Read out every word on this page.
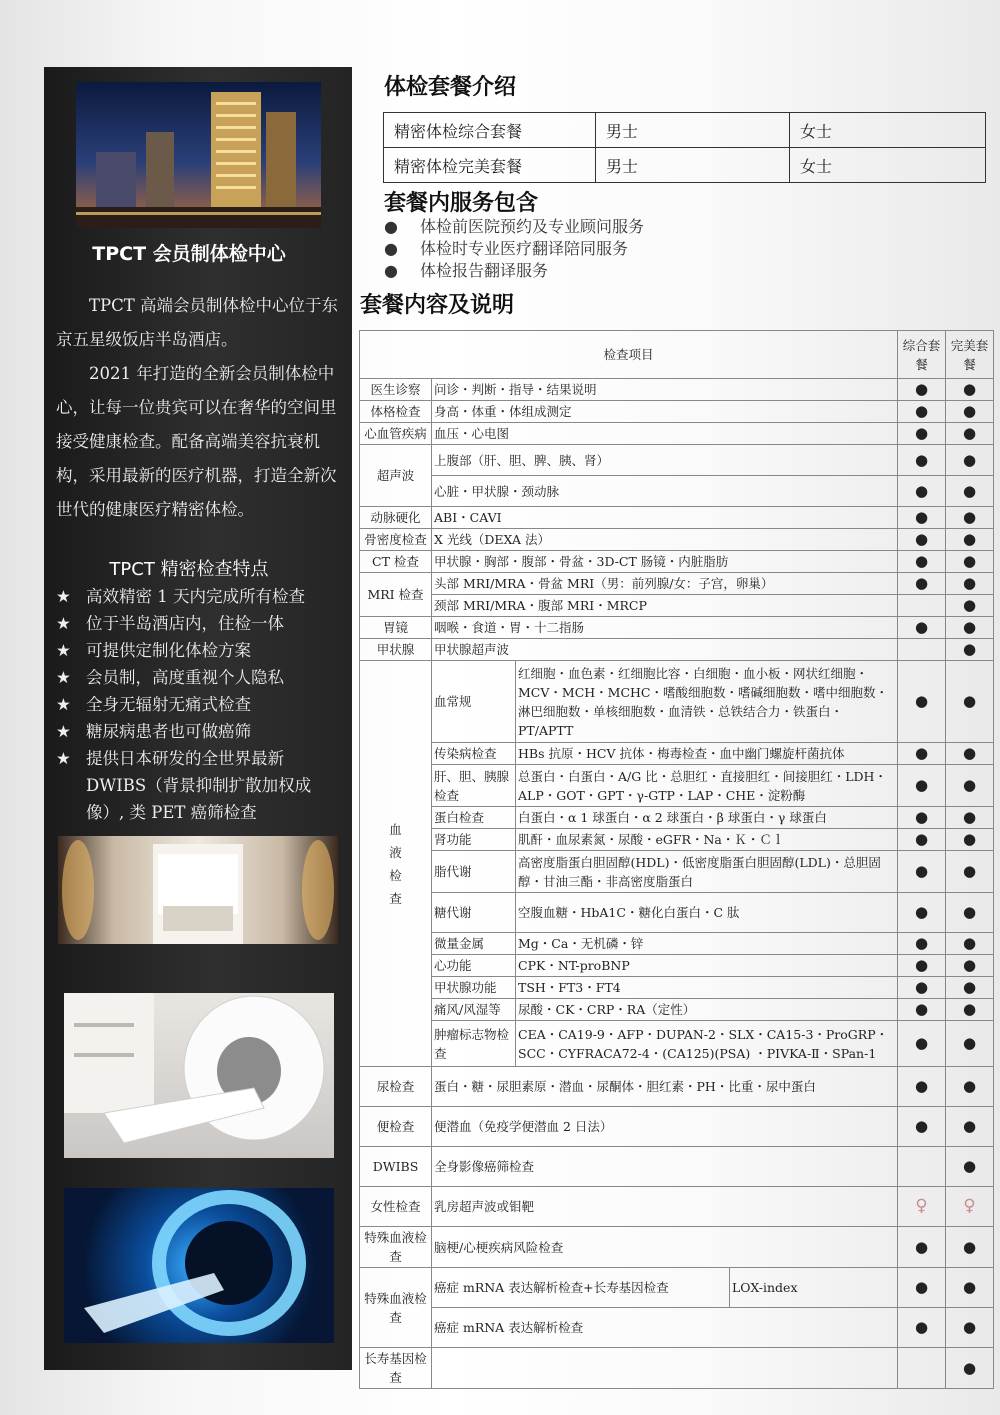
TPCT 会员制体检中心

TPCT 高端会员制体检中心位于东京五星级饭店半岛酒店。

2021 年打造的全新会员制体检中心，让每一位贵宾可以在奢华的空间里接受健康检查。配备高端美容抗衰机构，采用最新的医疗机器，打造全新次世代的健康医疗精密体检。

TPCT 精密检查特点
★ 高效精密 1 天内完成所有检查
★ 位于半岛酒店内，住检一体
★ 可提供定制化体检方案
★ 会员制，高度重视个人隐私
★ 全身无辐射无痛式检查
★ 糖尿病患者也可做癌筛
★ 提供日本研发的全世界最新 DWIBS（背景抑制扩散加权成像）, 类 PET 癌筛检查
体检套餐介绍
精密体检综合套餐	男士	女士
精密体检完美套餐	男士	女士
套餐内服务包含
●	体检前医院预约及专业顾问服务
●	体检时专业医疗翻译陪同服务
●	体检报告翻译服务
套餐内容及说明
检查项目				综合套餐	完美套餐
医生诊察	问诊・判断・指导・结果说明			●	●
体格检查	身高・体重・体组成测定			●	●
心血管疾病	血压・心电图			●	●
超声波	上腹部（肝、胆、脾、胰、肾）			●	●
	心脏・甲状腺・颈动脉			●	●
动脉硬化	ABI・CAVI			●	●
骨密度检查	X 光线（DEXA 法）			●	●
CT 检查	甲状腺・胸部・腹部・骨盆・3D-CT 肠镜・内脏脂肪			●	●
MRI 检查	头部 MRI/MRA・骨盆 MRI（男：前列腺/女：子宫，卵巢）			●	●
	颈部 MRI/MRA・腹部 MRI・MRCP				●
胃镜	咽喉・食道・胃・十二指肠			●	●
甲状腺	甲状腺超声波				●
血液检查	血常规	红细胞・血色素・红细胞比容・白细胞・血小板・网状红细胞・MCV・MCH・MCHC・嗜酸细胞数・嗜碱细胞数・嗜中细胞数・淋巴细胞数・单核细胞数・血清铁・总铁结合力・铁蛋白・PT/APTT		●	●
	传染病检查	HBs 抗原・HCV 抗体・梅毒检查・血中幽门螺旋杆菌抗体		●	●
	肝、胆、胰腺检查	总蛋白・白蛋白・A/G 比・总胆红・直接胆红・间接胆红・LDH・ALP・GOT・GPT・γ-GTP・LAP・CHE・淀粉酶		●	●
	蛋白检查	白蛋白・α 1 球蛋白・α 2 球蛋白・β 球蛋白・γ 球蛋白		●	●
	肾功能	肌酐・血尿素氮・尿酸・eGFR・Na・Ｋ・Ｃｌ		●	●
	脂代谢	高密度脂蛋白胆固醇(HDL)・低密度脂蛋白胆固醇(LDL)・总胆固醇・甘油三酯・非高密度脂蛋白		●	●
	糖代谢	空腹血糖・HbA1C・糖化白蛋白・C 肽		●	●
	微量金属	Mg・Ca・无机磷・锌		●	●
	心功能	CPK・NT-proBNP		●	●
	甲状腺功能	TSH・FT3・FT4		●	●
	痛风/风湿等	尿酸・CK・CRP・RA（定性）		●	●
	肿瘤标志物检查	CEA・CA19-9・AFP・DUPAN-2・SLX・CA15-3・ProGRP・SCC・CYFRACA72-4・(CA125)(PSA) ・PIVKA-Ⅱ・SPan-1		●	●
尿检查	蛋白・糖・尿胆素原・潜血・尿酮体・胆红素・PH・比重・尿中蛋白			●	●
便检查	便潜血（免疫学便潜血 2 日法）			●	●
DWIBS	全身影像癌筛检查				●
女性检查	乳房超声波或钼靶			♀	♀
特殊血液检查	脑梗/心梗疾病风险检查			●	●
特殊血液检查	癌症 mRNA 表达解析检查+长寿基因检查		LOX-index	●	●
	癌症 mRNA 表达解析检查			●	●
长寿基因检查					●
